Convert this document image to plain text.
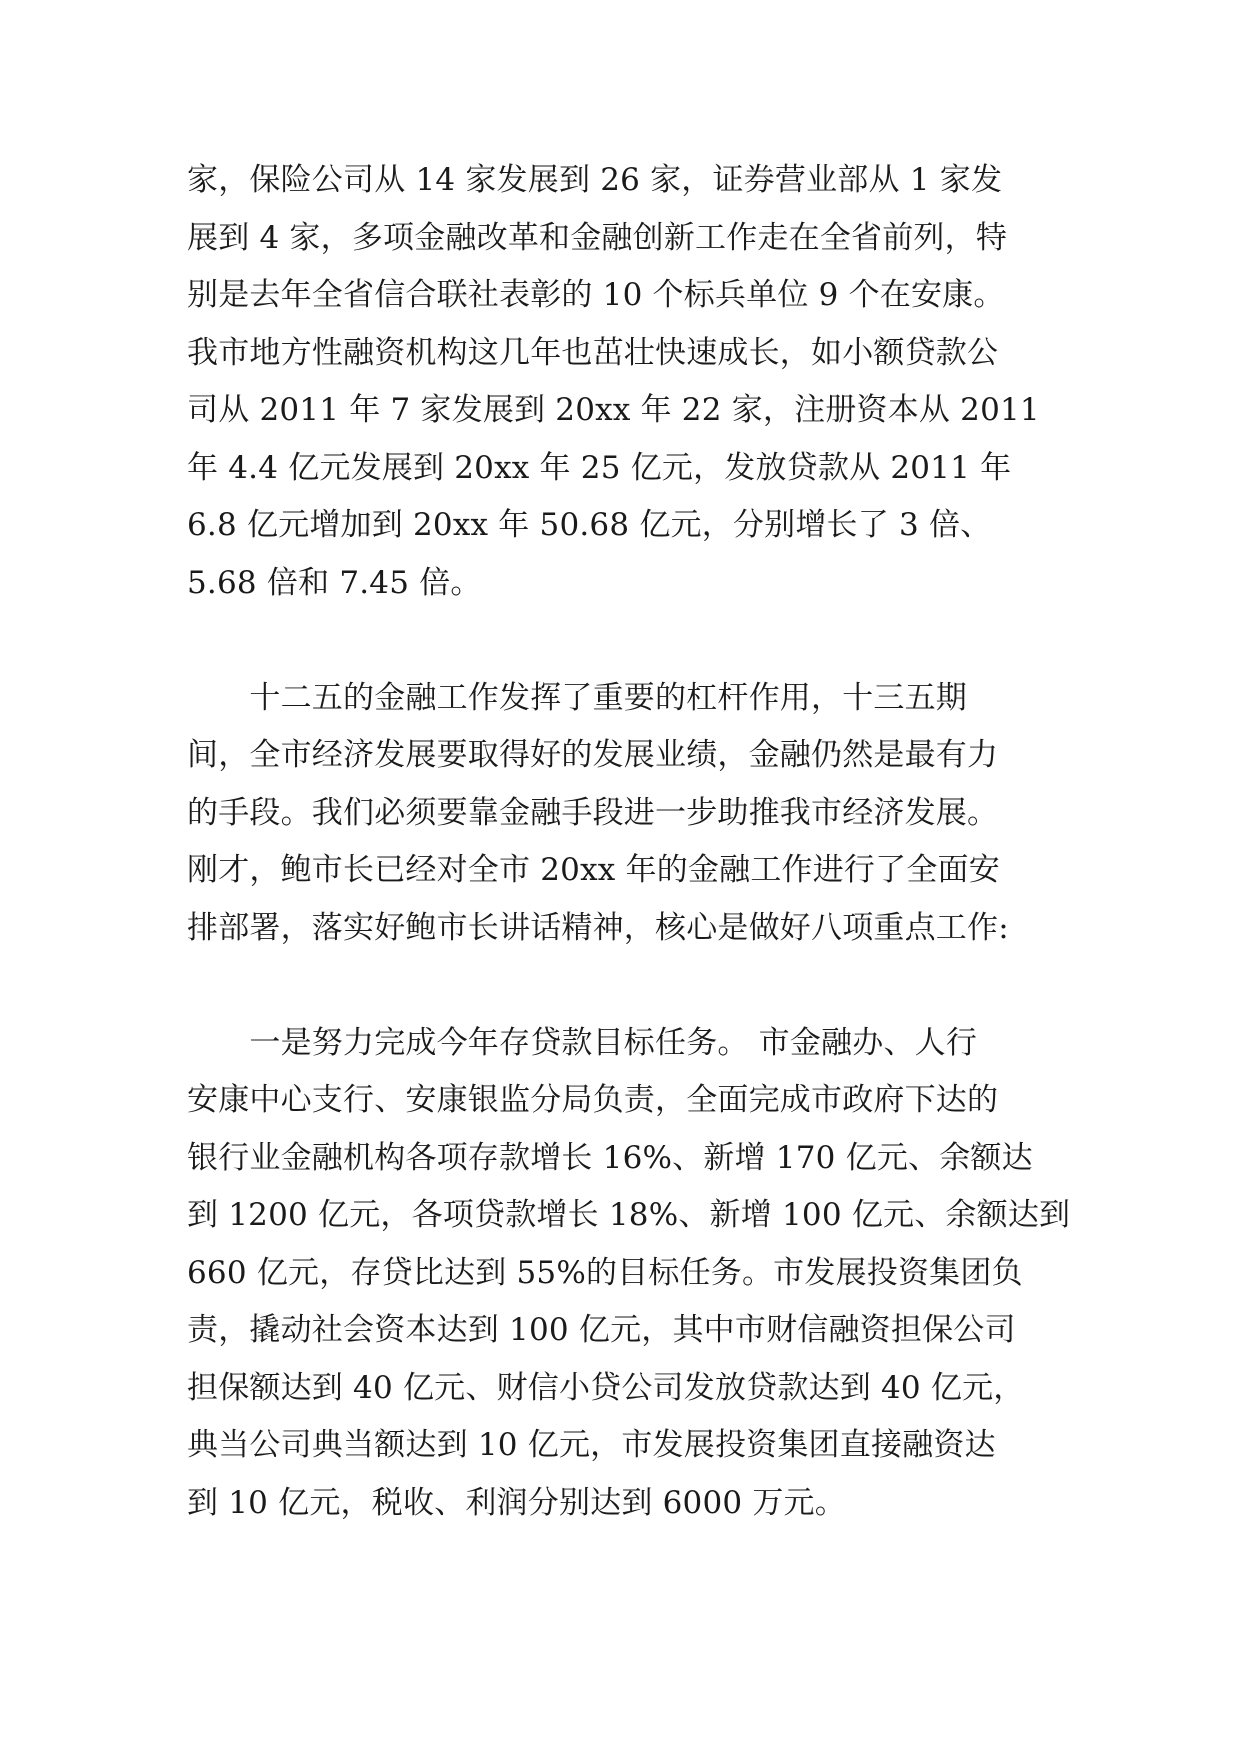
家，保险公司从 14 家发展到 26 家，证券营业部从 1 家发
展到 4 家，多项金融改革和金融创新工作走在全省前列，特
别是去年全省信合联社表彰的 10 个标兵单位 9 个在安康。
我市地方性融资机构这几年也茁壮快速成长，如小额贷款公
司从 2011 年 7 家发展到 20xx 年 22 家，注册资本从 2011
年 4.4 亿元发展到 20xx 年 25 亿元，发放贷款从 2011 年
6.8 亿元增加到 20xx 年 50.68 亿元，分别增长了 3 倍、
5.68 倍和 7.45 倍。
　　十二五的金融工作发挥了重要的杠杆作用，十三五期
间，全市经济发展要取得好的发展业绩，金融仍然是最有力
的手段。我们必须要靠金融手段进一步助推我市经济发展。
刚才，鲍市长已经对全市 20xx 年的金融工作进行了全面安
排部署，落实好鲍市长讲话精神，核心是做好八项重点工作:
　　一是努力完成今年存贷款目标任务。 市金融办、人行
安康中心支行、安康银监分局负责，全面完成市政府下达的
银行业金融机构各项存款增长 16%、新增 170 亿元、余额达
到 1200 亿元，各项贷款增长 18%、新增 100 亿元、余额达到
660 亿元，存贷比达到 55%的目标任务。市发展投资集团负
责，撬动社会资本达到 100 亿元，其中市财信融资担保公司
担保额达到 40 亿元、财信小贷公司发放贷款达到 40 亿元，
典当公司典当额达到 10 亿元，市发展投资集团直接融资达
到 10 亿元，税收、利润分别达到 6000 万元。
